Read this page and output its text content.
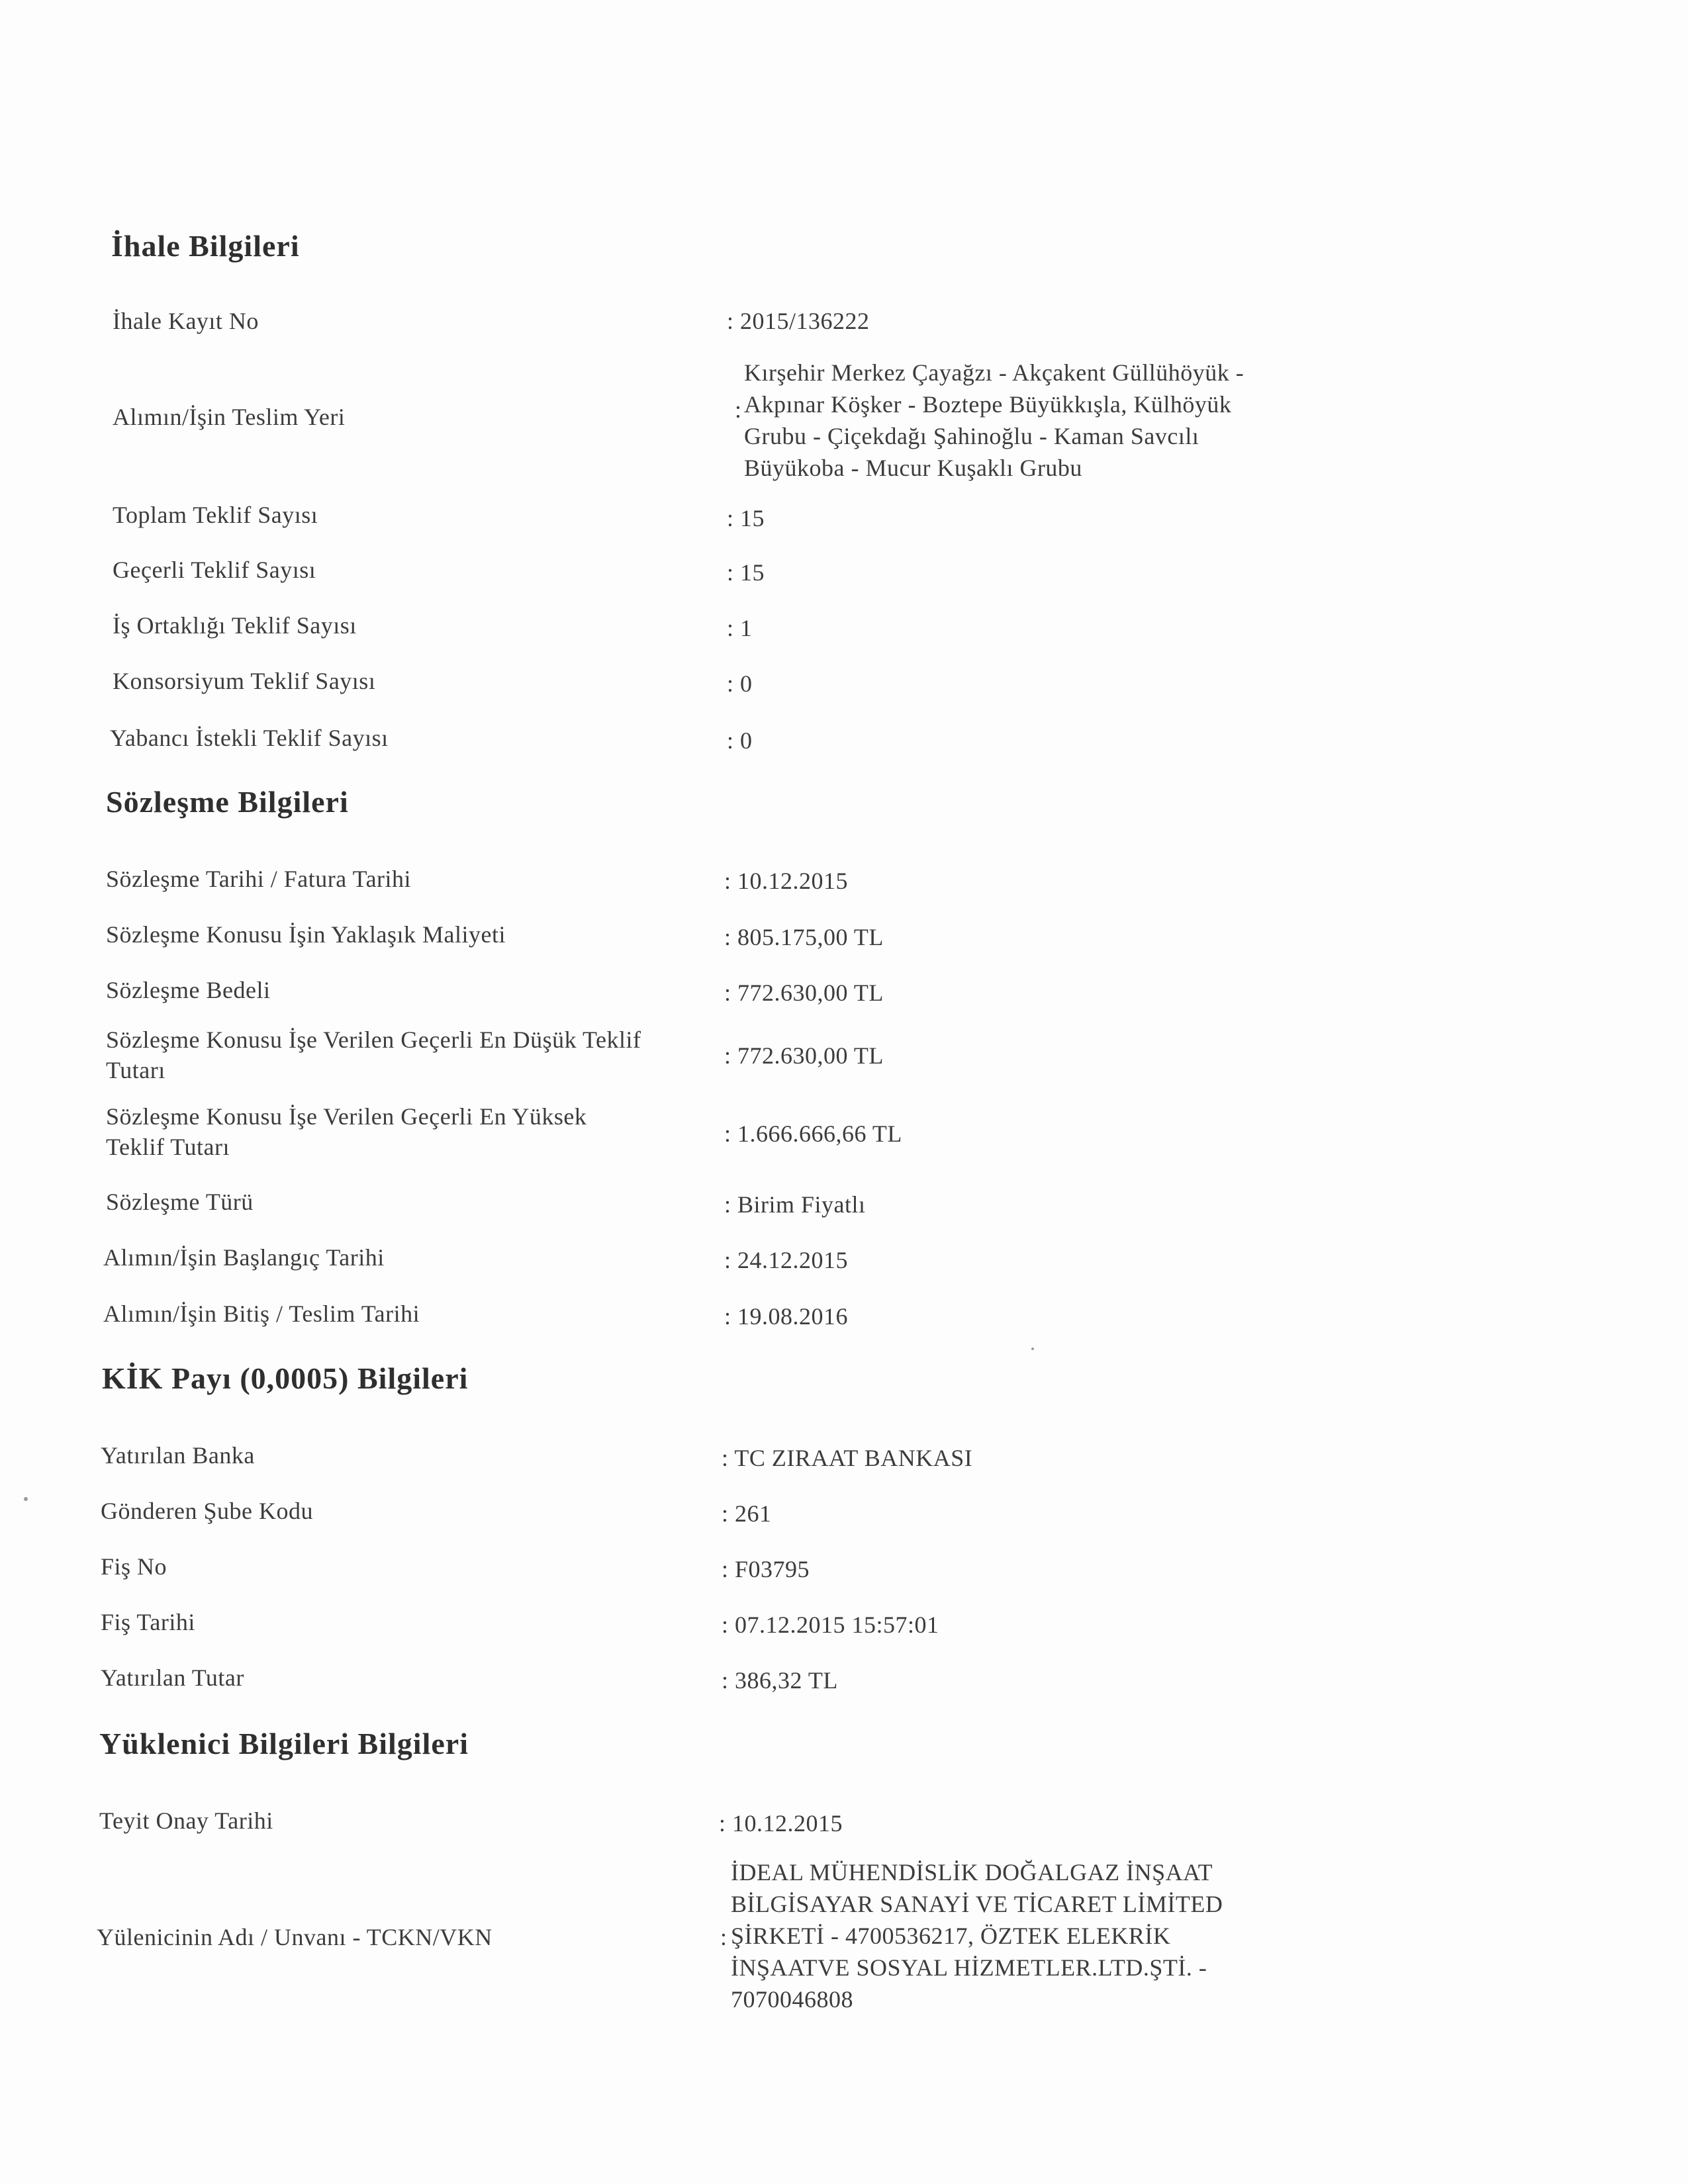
İhale Bilgileri
İhale Kayıt No	: 2015/136222
Alımın/İşin Teslim Yeri	:
Kırşehir Merkez Çayağzı - Akçakent Güllühöyük -
Akpınar Köşker - Boztepe Büyükkışla, Külhöyük
Grubu - Çiçekdağı Şahinoğlu - Kaman Savcılı
Büyükoba - Mucur Kuşaklı Grubu
Toplam Teklif Sayısı	: 15
Geçerli Teklif Sayısı	: 15
İş Ortaklığı Teklif Sayısı	: 1
Konsorsiyum Teklif Sayısı	: 0
Yabancı İstekli Teklif Sayısı	: 0
Sözleşme Bilgileri
Sözleşme Tarihi / Fatura Tarihi	: 10.12.2015
Sözleşme Konusu İşin Yaklaşık Maliyeti	: 805.175,00 TL
Sözleşme Bedeli	: 772.630,00 TL
Sözleşme Konusu İşe Verilen Geçerli En Düşük Teklif
Tutarı
: 772.630,00 TL
Sözleşme Konusu İşe Verilen Geçerli En Yüksek
Teklif Tutarı	: 1.666.666,66 TL
Sözleşme Türü	: Birim Fiyatlı
Alımın/İşin Başlangıç Tarihi	: 24.12.2015
Alımın/İşin Bitiş / Teslim Tarihi	: 19.08.2016
KİK Payı (0,0005) Bilgileri
Yatırılan Banka	: TC ZIRAAT BANKASI
Gönderen Şube Kodu	: 261
Fiş No	: F03795
Fiş Tarihi	: 07.12.2015 15:57:01
Yatırılan Tutar	: 386,32 TL
Yüklenici Bilgileri Bilgileri
Teyit Onay Tarihi	: 10.12.2015
Yülenicinin Adı / Unvanı - TCKN/VKN	:
İDEAL MÜHENDİSLİK DOĞALGAZ İNŞAAT
BİLGİSAYAR SANAYİ VE TİCARET LİMİTED
ŞİRKETİ - 4700536217, ÖZTEK ELEKRİK
İNŞAATVE SOSYAL HİZMETLER.LTD.ŞTİ. -
7070046808
